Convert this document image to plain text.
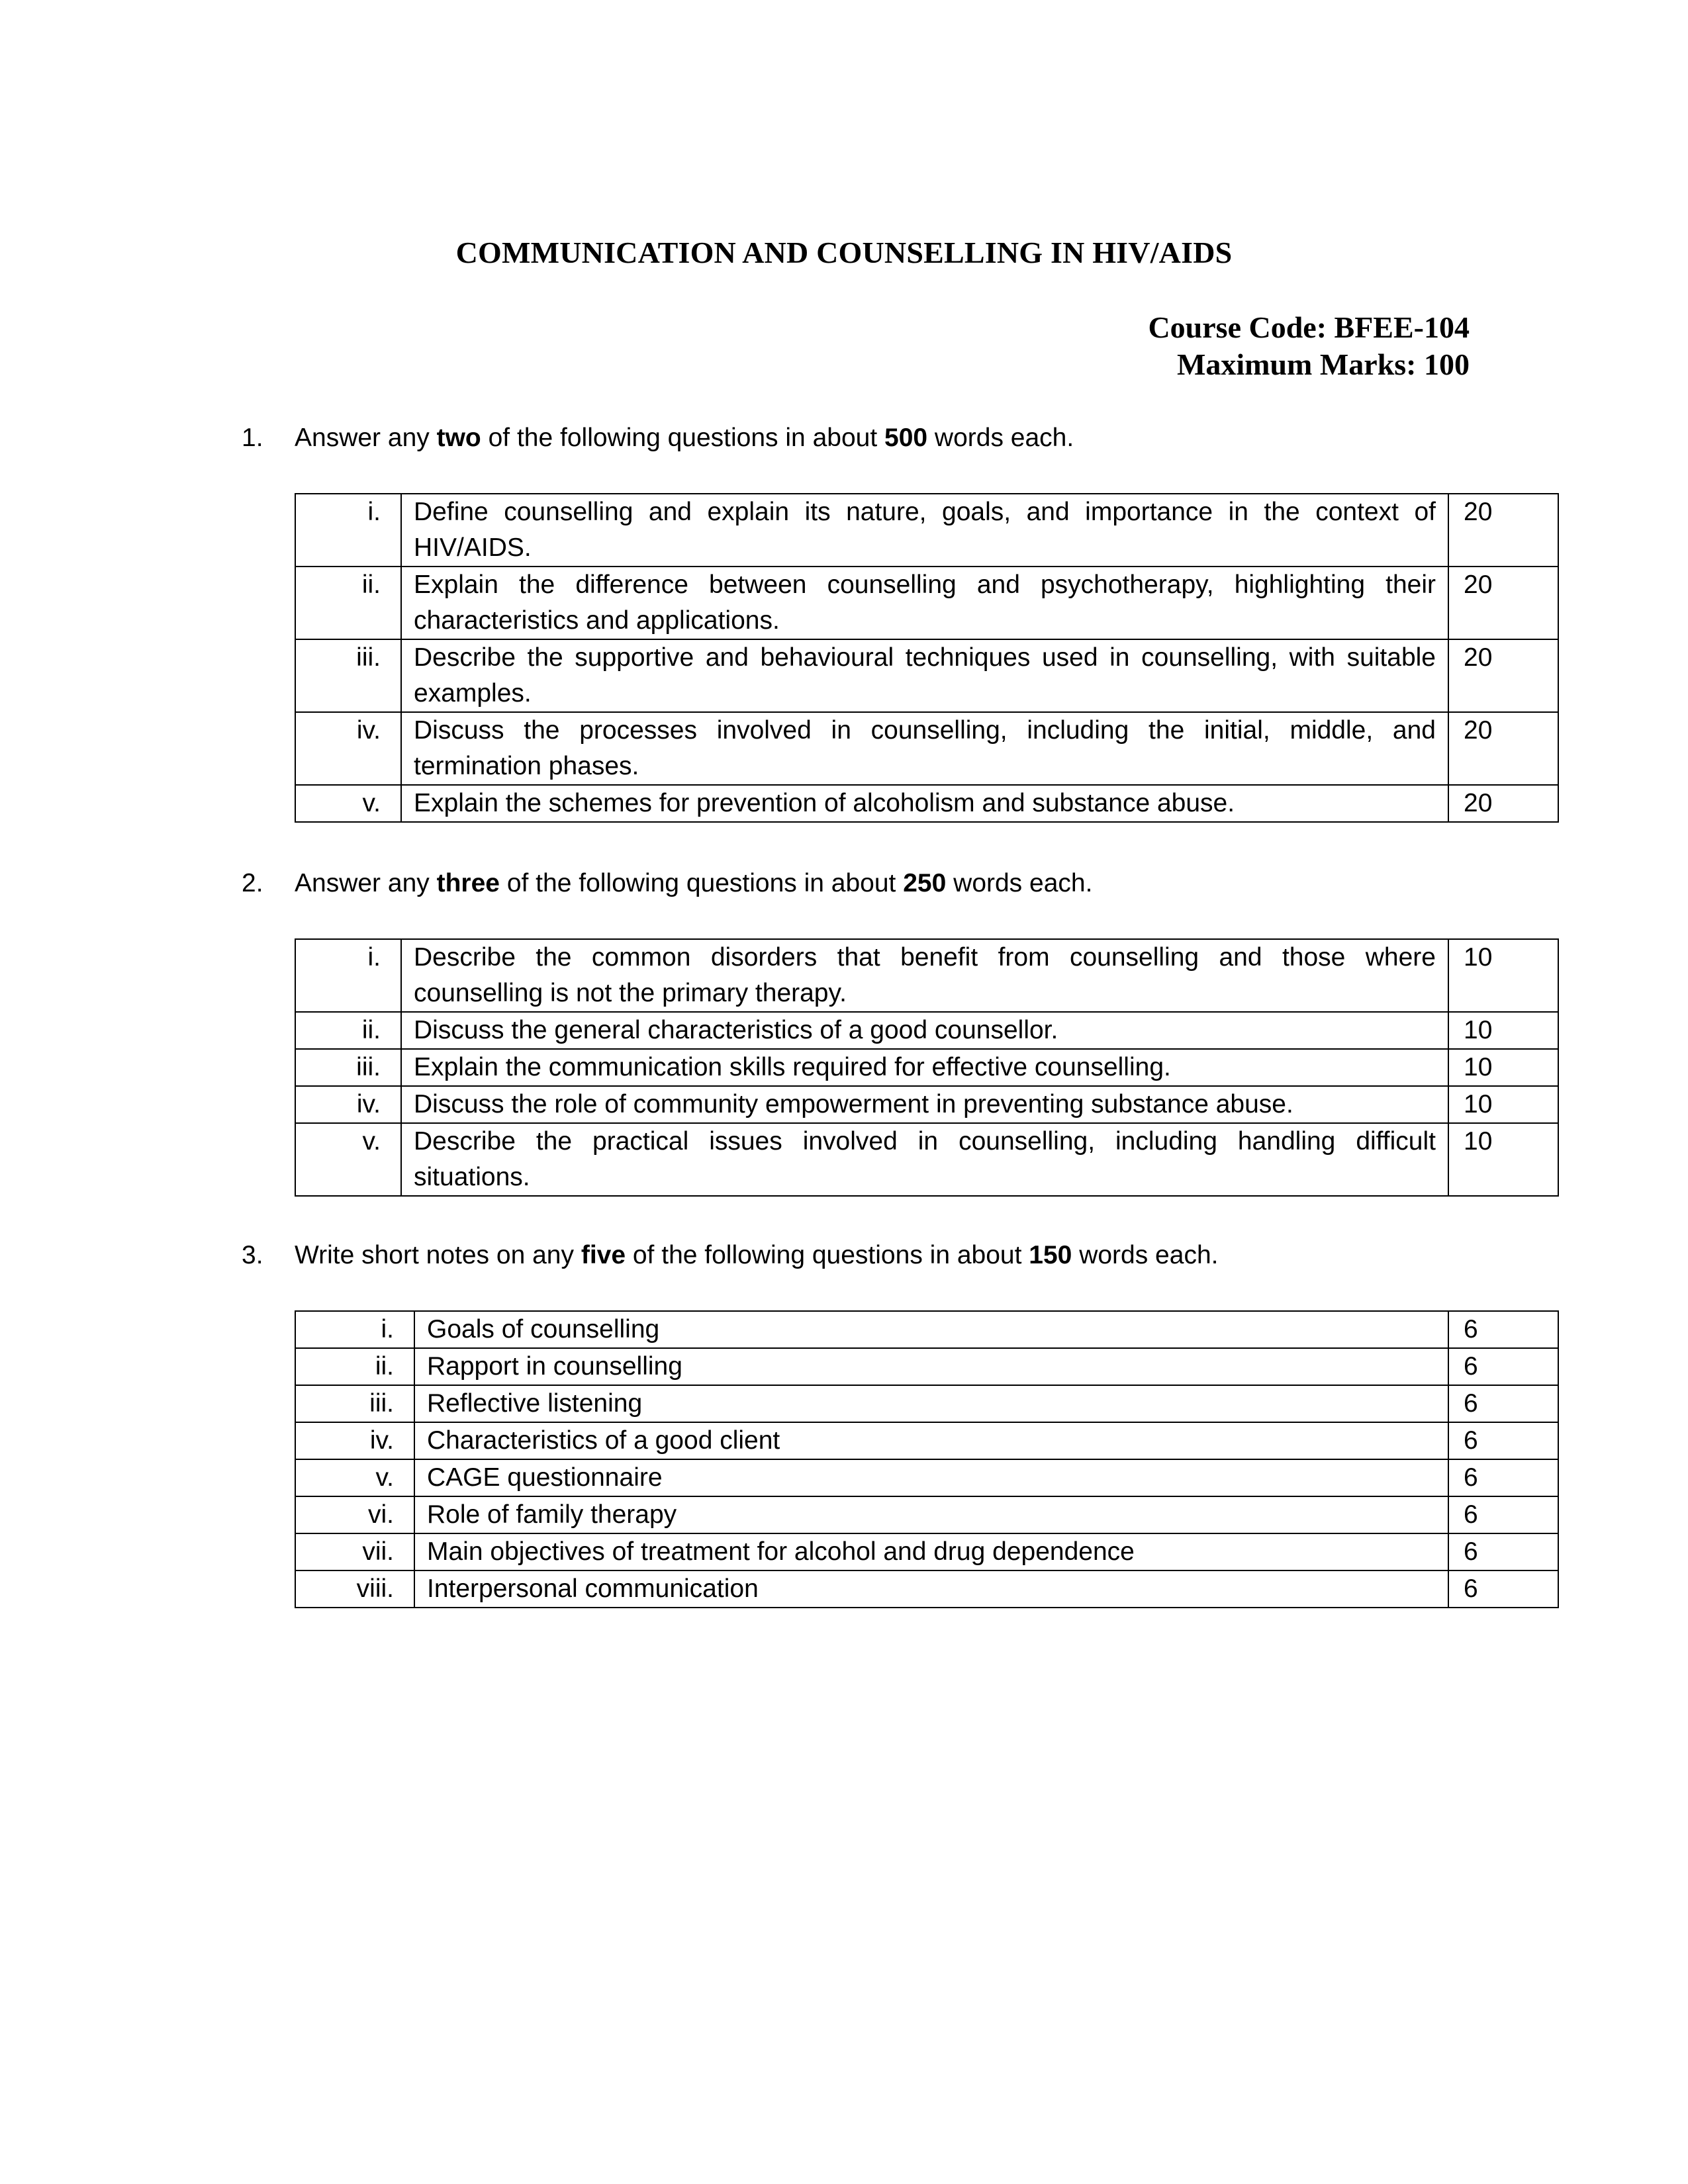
COMMUNICATION AND COUNSELLING IN HIV/AIDS
Course Code: BFEE-104
Maximum Marks: 100
1. Answer any two of the following questions in about 500 words each.
i.	Define counselling and explain its nature, goals, and importance in the context of HIV/AIDS.	20
ii.	Explain the difference between counselling and psychotherapy, highlighting their characteristics and applications.	20
iii.	Describe the supportive and behavioural techniques used in counselling, with suitable examples.	20
iv.	Discuss the processes involved in counselling, including the initial, middle, and termination phases.	20
v.	Explain the schemes for prevention of alcoholism and substance abuse.	20
2. Answer any three of the following questions in about 250 words each.
i.	Describe the common disorders that benefit from counselling and those where counselling is not the primary therapy.	10
ii.	Discuss the general characteristics of a good counsellor.	10
iii.	Explain the communication skills required for effective counselling.	10
iv.	Discuss the role of community empowerment in preventing substance abuse.	10
v.	Describe the practical issues involved in counselling, including handling difficult situations.	10
3. Write short notes on any five of the following questions in about 150 words each.
i.	Goals of counselling	6
ii.	Rapport in counselling	6
iii.	Reflective listening	6
iv.	Characteristics of a good client	6
v.	CAGE questionnaire	6
vi.	Role of family therapy	6
vii.	Main objectives of treatment for alcohol and drug dependence	6
viii.	Interpersonal communication	6
